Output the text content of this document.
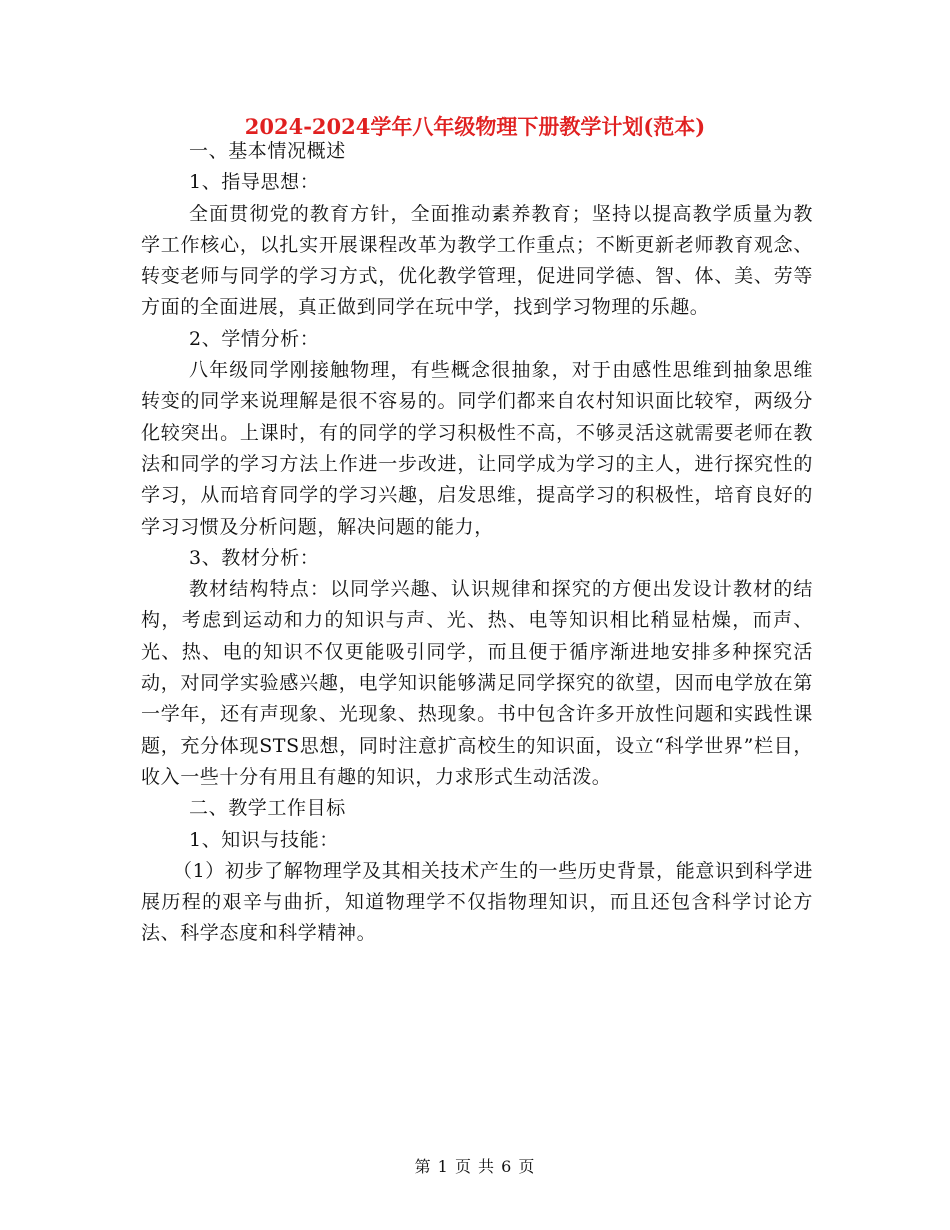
2024-2024学年八年级物理下册教学计划(范本)

一、基本情况概述

1、指导思想：

全面贯彻党的教育方针，全面推动素养教育；坚持以提高教学质量为教学工作核心，以扎实开展课程改革为教学工作重点；不断更新老师教育观念、转变老师与同学的学习方式，优化教学管理，促进同学德、智、体、美、劳等方面的全面进展，真正做到同学在玩中学，找到学习物理的乐趣。

2、学情分析：

八年级同学刚接触物理，有些概念很抽象，对于由感性思维到抽象思维转变的同学来说理解是很不容易的。同学们都来自农村知识面比较窄，两级分化较突出。上课时，有的同学的学习积极性不高，不够灵活这就需要老师在教法和同学的学习方法上作进一步改进，让同学成为学习的主人，进行探究性的学习，从而培育同学的学习兴趣，启发思维，提高学习的积极性，培育良好的学习习惯及分析问题，解决问题的能力，

3、教材分析：

教材结构特点：以同学兴趣、认识规律和探究的方便出发设计教材的结构，考虑到运动和力的知识与声、光、热、电等知识相比稍显枯燥，而声、光、热、电的知识不仅更能吸引同学，而且便于循序渐进地安排多种探究活动，对同学实验感兴趣，电学知识能够满足同学探究的欲望，因而电学放在第一学年，还有声现象、光现象、热现象。书中包含许多开放性问题和实践性课题，充分体现STS思想，同时注意扩高校生的知识面，设立“科学世界”栏目，收入一些十分有用且有趣的知识，力求形式生动活泼。

二、教学工作目标

1、知识与技能：

（1）初步了解物理学及其相关技术产生的一些历史背景，能意识到科学进展历程的艰辛与曲折，知道物理学不仅指物理知识，而且还包含科学讨论方法、科学态度和科学精神。

第 1 页 共 6 页
